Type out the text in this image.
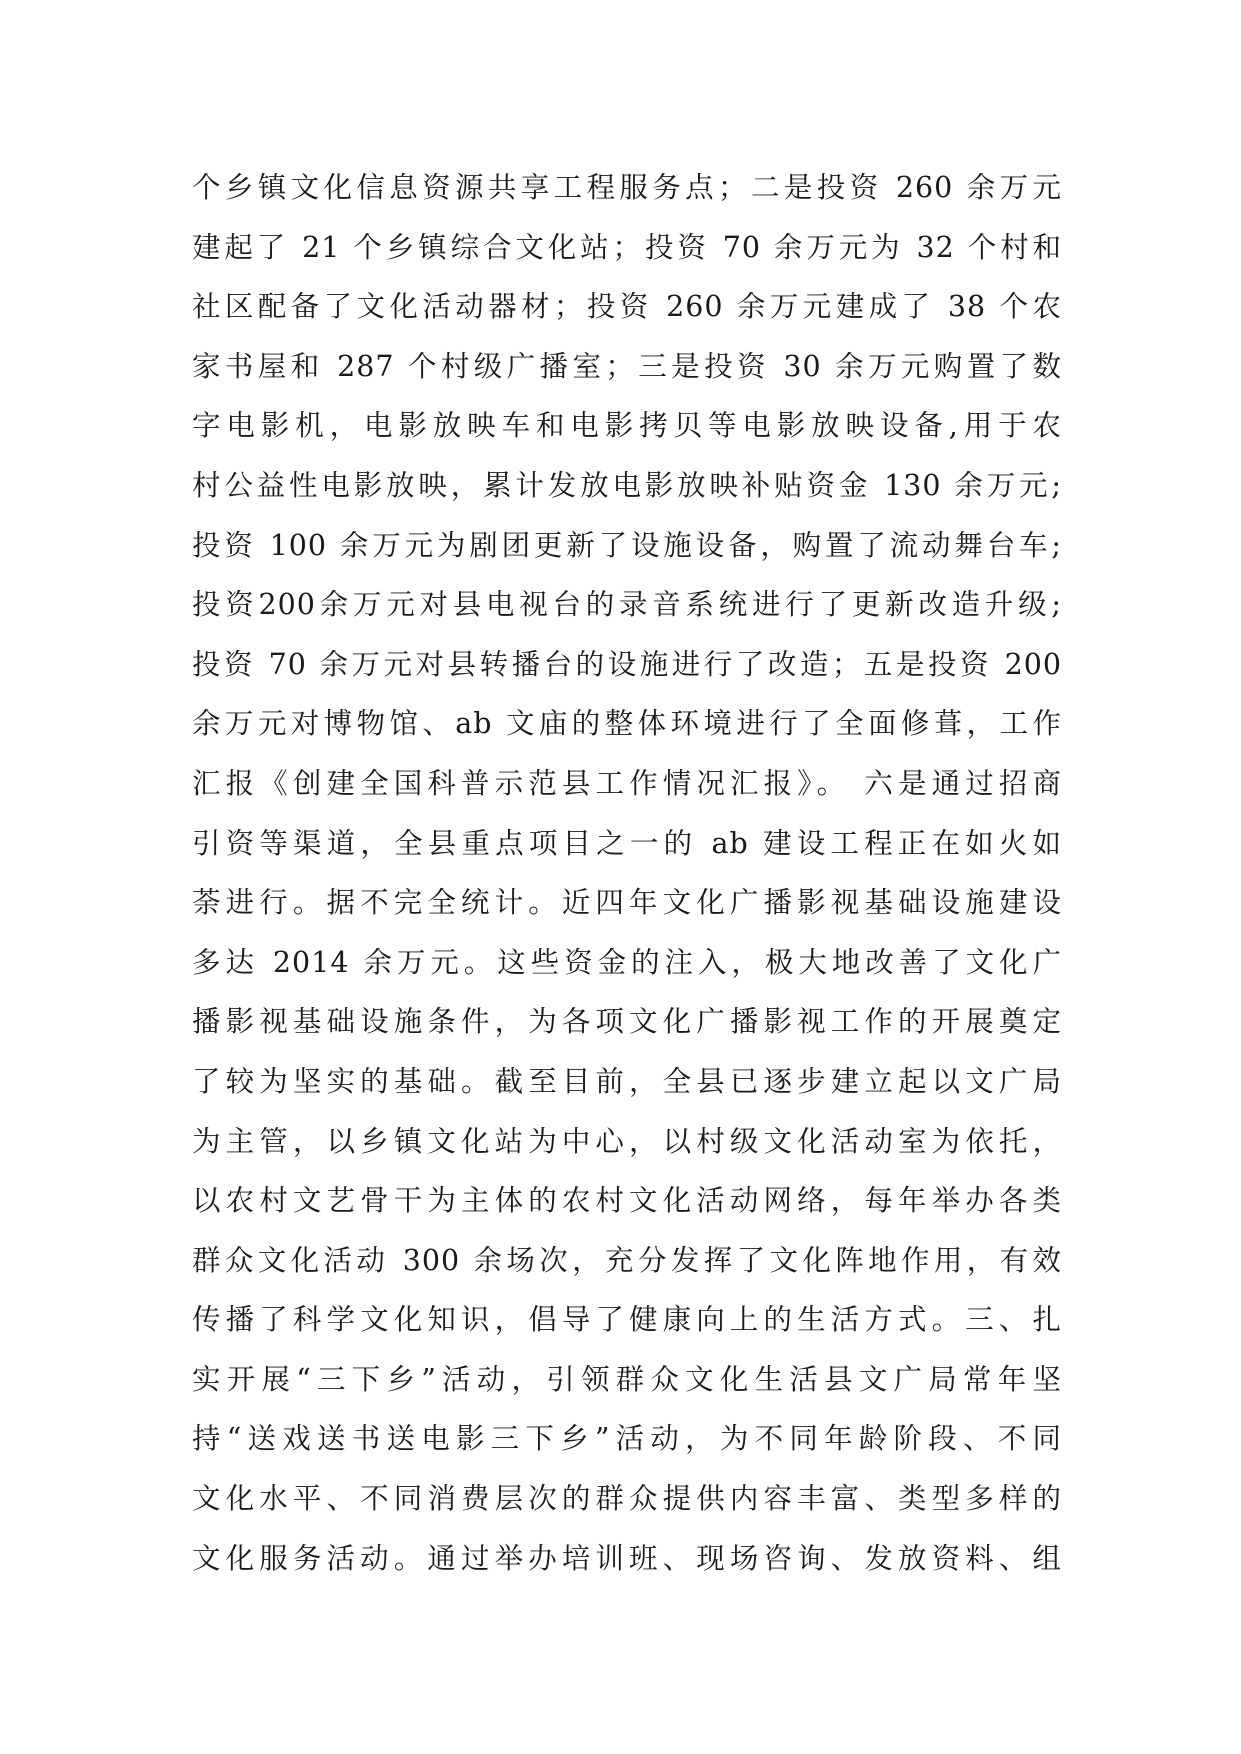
个乡镇文化信息资源共享工程服务点；二是投资 260 余万元
建起了 21 个乡镇综合文化站；投资 70 余万元为 32 个村和
社区配备了文化活动器材；投资 260 余万元建成了 38 个农
家书屋和 287 个村级广播室；三是投资 30 余万元购置了数
字电影机，电影放映车和电影拷贝等电影放映设备,用于农
村公益性电影放映，累计发放电影放映补贴资金 130 余万元;
投资 100 余万元为剧团更新了设施设备，购置了流动舞台车;
投资200余万元对县电视台的录音系统进行了更新改造升级;
投资 70 余万元对县转播台的设施进行了改造；五是投资 200
余万元对博物馆、ab 文庙的整体环境进行了全面修葺，工作
汇报《创建全国科普示范县工作情况汇报》。 六是通过招商
引资等渠道，全县重点项目之一的 ab 建设工程正在如火如
荼进行。据不完全统计。近四年文化广播影视基础设施建设
多达 2014 余万元。这些资金的注入，极大地改善了文化广
播影视基础设施条件，为各项文化广播影视工作的开展奠定
了较为坚实的基础。截至目前，全县已逐步建立起以文广局
为主管，以乡镇文化站为中心，以村级文化活动室为依托，
以农村文艺骨干为主体的农村文化活动网络，每年举办各类
群众文化活动 300 余场次，充分发挥了文化阵地作用，有效
传播了科学文化知识，倡导了健康向上的生活方式。三、扎
实开展“三下乡”活动，引领群众文化生活县文广局常年坚
持“送戏送书送电影三下乡”活动，为不同年龄阶段、不同
文化水平、不同消费层次的群众提供内容丰富、类型多样的
文化服务活动。通过举办培训班、现场咨询、发放资料、组
